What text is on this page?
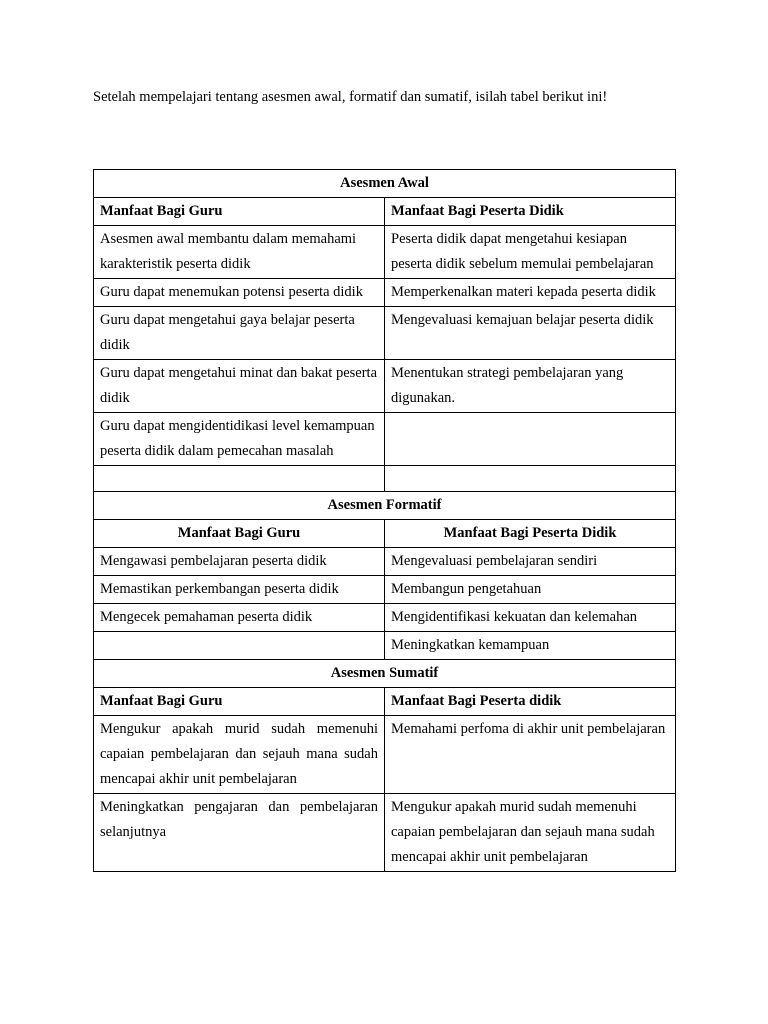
Setelah mempelajari tentang asesmen awal, formatif dan sumatif, isilah tabel berikut ini!

Asesmen Awal	
Manfaat Bagi Guru	Manfaat Bagi Peserta Didik
Asesmen awal membantu dalam memahami karakteristik peserta didik	Peserta didik dapat mengetahui kesiapan peserta didik sebelum memulai pembelajaran
Guru dapat menemukan potensi peserta didik	Memperkenalkan materi kepada peserta didik
Guru dapat mengetahui gaya belajar peserta didik	Mengevaluasi kemajuan belajar peserta didik
Guru dapat mengetahui minat dan bakat peserta didik	Menentukan strategi pembelajaran yang digunakan.
Guru dapat mengidentidikasi level kemampuan peserta didik dalam pemecahan masalah	

Asesmen Formatif	
Manfaat Bagi Guru	Manfaat Bagi Peserta Didik
Mengawasi pembelajaran peserta didik	Mengevaluasi pembelajaran sendiri
Memastikan perkembangan peserta didik	Membangun pengetahuan
Mengecek pemahaman peserta didik	Mengidentifikasi kekuatan dan kelemahan
	Meningkatkan kemampuan
Asesmen Sumatif	
Manfaat Bagi Guru	Manfaat Bagi Peserta didik
Mengukur apakah murid sudah memenuhi capaian pembelajaran dan sejauh mana sudah mencapai akhir unit pembelajaran	Memahami perfoma di akhir unit pembelajaran
Meningkatkan pengajaran dan pembelajaran selanjutnya	Mengukur apakah murid sudah memenuhi capaian pembelajaran dan sejauh mana sudah mencapai akhir unit pembelajaran
